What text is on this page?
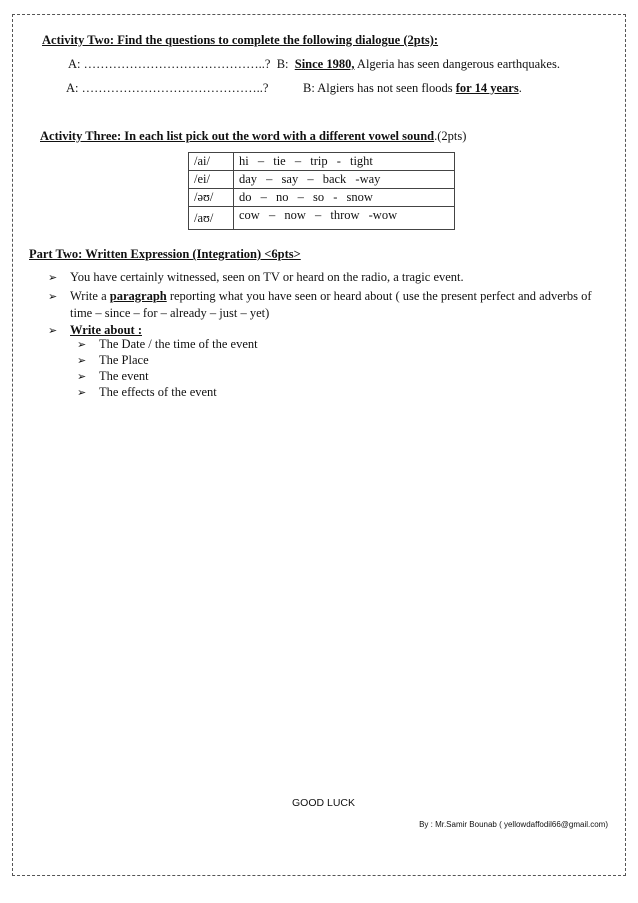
Activity Two: Find the questions to complete the following dialogue (2pts):
A: ……………………………………..? B: Since 1980, Algeria has seen dangerous earthquakes.
A: ……………………………………..?	B: Algiers has not seen floods for 14 years.
Activity Three: In each list pick out the word with a different vowel sound.(2pts)
/ai/	hi – tie – trip - tight
/ei/	day – say – back -way
/əʊ/	do – no – so - snow
/aʊ/	cow – now – throw -wow
Part Two: Written Expression (Integration) <6pts>
➢ You have certainly witnessed, seen on TV or heard on the radio, a tragic event.
➢ Write a paragraph reporting what you have seen or heard about ( use the present perfect and adverbs of
time – since – for – already – just – yet)
➢ Write about :
➢ The Date / the time of the event
➢ The Place
➢ The event
➢ The effects of the event
GOOD LUCK
By : Mr.Samir Bounab ( yellowdaffodil66@gmail.com)
